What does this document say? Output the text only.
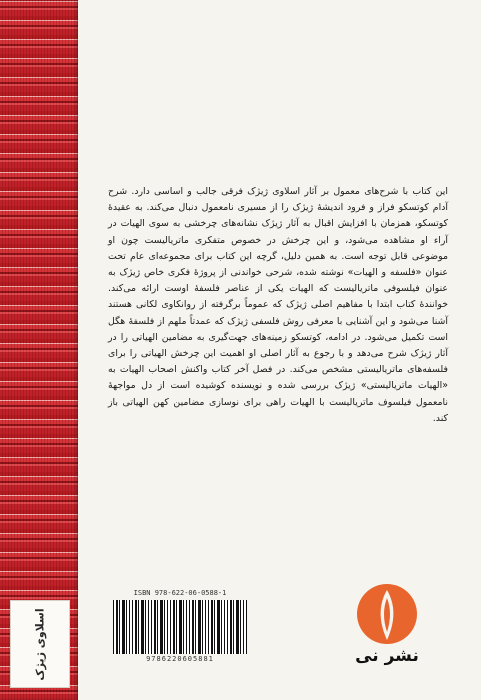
اسلاوی ژیژک

این کتاب با شرح‌های معمول بر آثار اسلاوی ژیژک فرقی جالب و اساسی دارد. شرح آدام کوتسکو فراز و فرود اندیشهٔ ژیژک را از مسیری نامعمول دنبال می‌کند. به عقیدهٔ کوتسکو، همزمان با افزایش اقبال به آثار ژیژک نشانه‌های چرخشی به سوی الهیات در آراء او مشاهده می‌شود، و این چرخش در خصوص متفکری ماتریالیست چون او موضوعی قابل توجه است. به همین دلیل، گرچه این کتاب برای مجموعه‌ای عام تحت عنوان «فلسفه و الهیات» نوشته شده، شرحی خواندنی از پروژهٔ فکری خاص ژیژک به عنوان فیلسوفی ماتریالیست که الهیات یکی از عناصر فلسفهٔ اوست ارائه می‌کند. خوانندهٔ کتاب ابتدا با مفاهیم اصلی ژیژک که عموماً برگرفته از روانکاوی لکانی هستند آشنا می‌شود و این آشنایی با معرفی روش فلسفی ژیژک که عمدتاً ملهم از فلسفهٔ هگل است تکمیل می‌شود. در ادامه، کوتسکو زمینه‌های جهت‌گیری به مضامین الهیاتی را در آثار ژیژک شرح می‌دهد و با رجوع به آثار اصلی او اهمیت این چرخش الهیاتی را برای فلسفه‌های ماتریالیستی مشخص می‌کند. در فصل آخر کتاب واکنش اصحاب الهیات به «الهیات ماتریالیستی» ژیژک بررسی شده و نویسنده کوشیده است از دل مواجههٔ نامعمول فیلسوف ماتریالیست با الهیات راهی برای نوسازی مضامین کهن الهیاتی باز کند.

ISBN 978-622-06-0588-1
9786220605881	نشر نی
